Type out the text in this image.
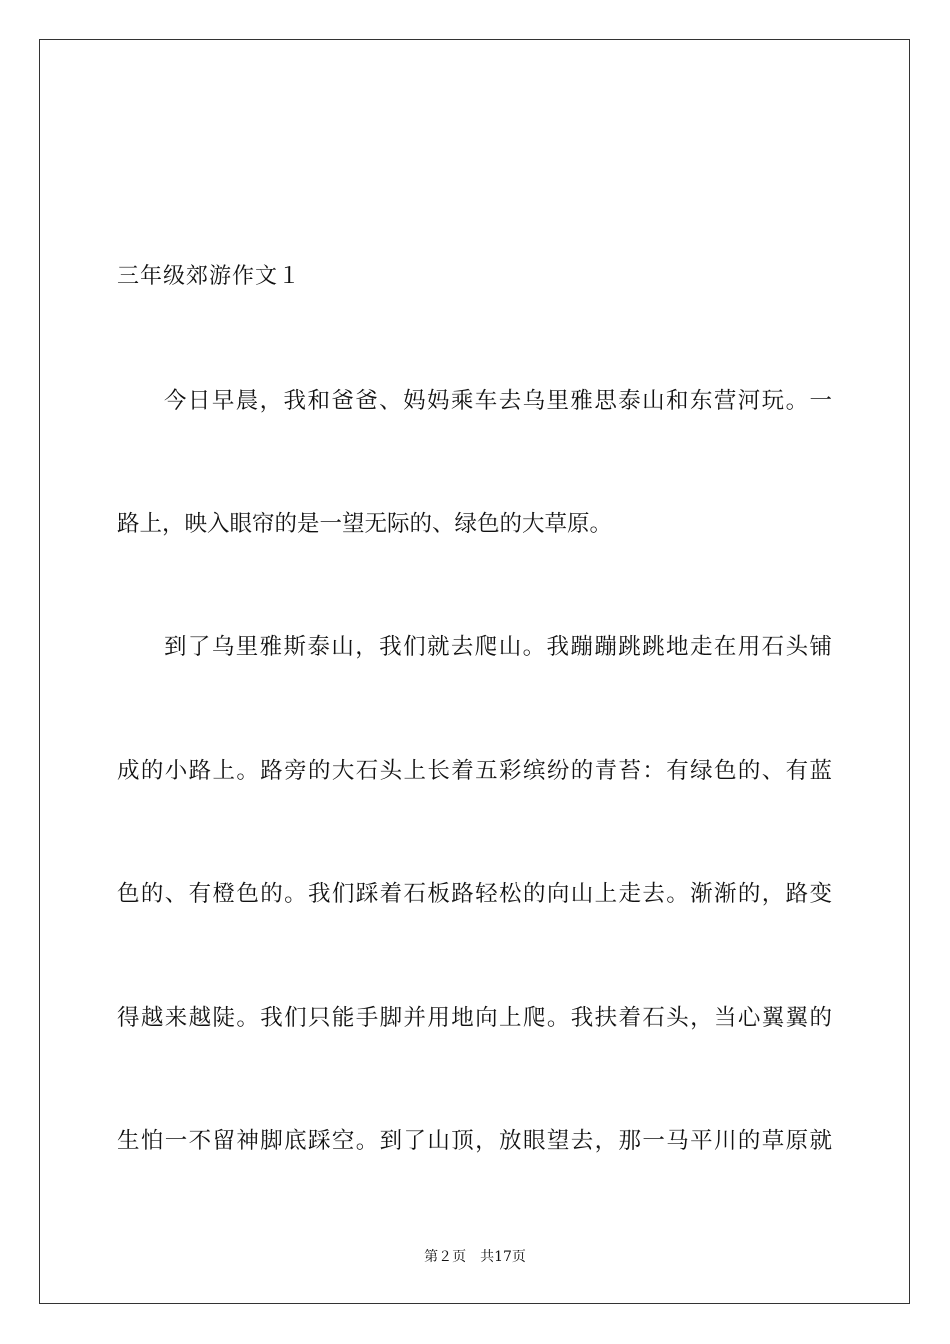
三年级郊游作文１
今日早晨，我和爸爸、妈妈乘车去乌里雅思泰山和东营河玩。一
路上，映入眼帘的是一望无际的、绿色的大草原。
到了乌里雅斯泰山，我们就去爬山。我蹦蹦跳跳地走在用石头铺
成的小路上。路旁的大石头上长着五彩缤纷的青苔：有绿色的、有蓝
色的、有橙色的。我们踩着石板路轻松的向山上走去。渐渐的，路变
得越来越陡。我们只能手脚并用地向上爬。我扶着石头，当心翼翼的
生怕一不留神脚底踩空。到了山顶，放眼望去，那一马平川的草原就
第２页 共17页
